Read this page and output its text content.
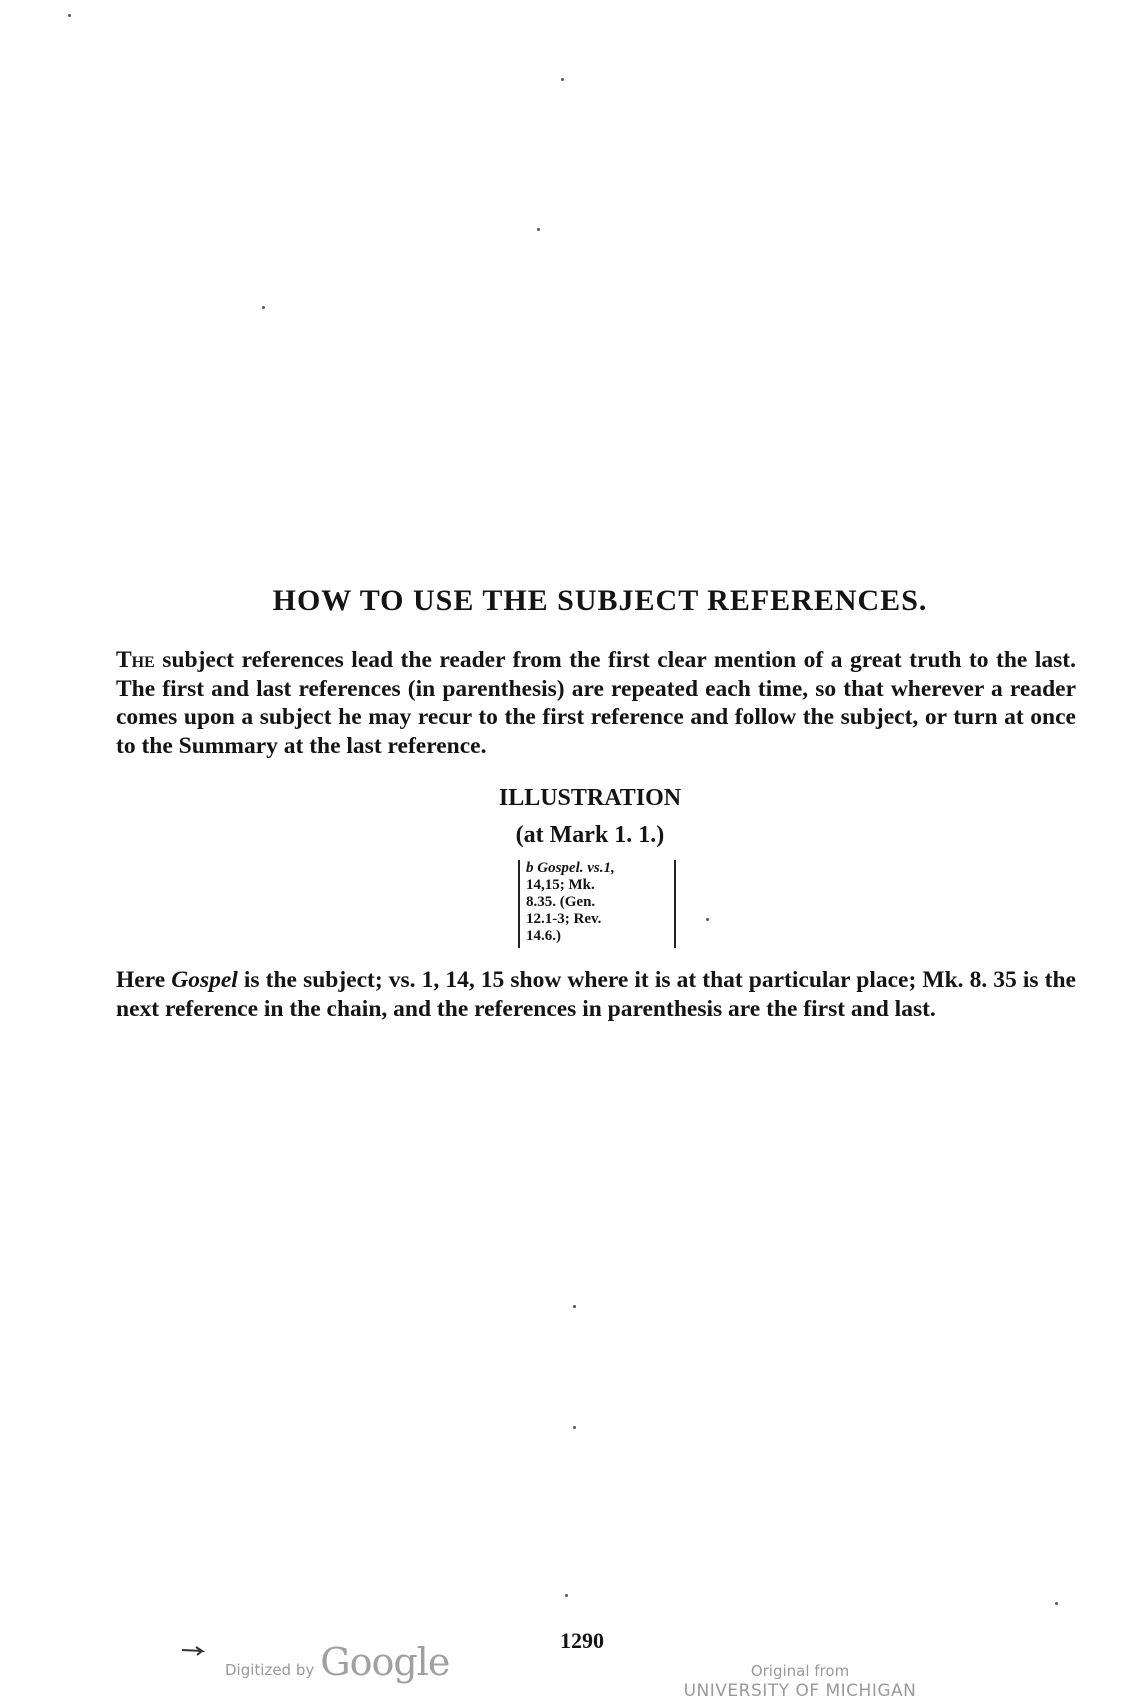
HOW TO USE THE SUBJECT REFERENCES.
The subject references lead the reader from the first clear mention of a great truth to the last. The first and last references (in parenthesis) are repeated each time, so that wherever a reader comes upon a subject he may recur to the first reference and follow the subject, or turn at once to the Summary at the last reference.
ILLUSTRATION
(at Mark 1. 1.)
b Gospel. vs.1,
14,15; Mk.
8.35. (Gen.
12.1-3; Rev.
14.6.)
Here Gospel is the subject; vs. 1, 14, 15 show where it is at that particular place; Mk. 8. 35 is the next reference in the chain, and the references in parenthesis are the first and last.
1290
Digitized by Google	Original from
UNIVERSITY OF MICHIGAN
